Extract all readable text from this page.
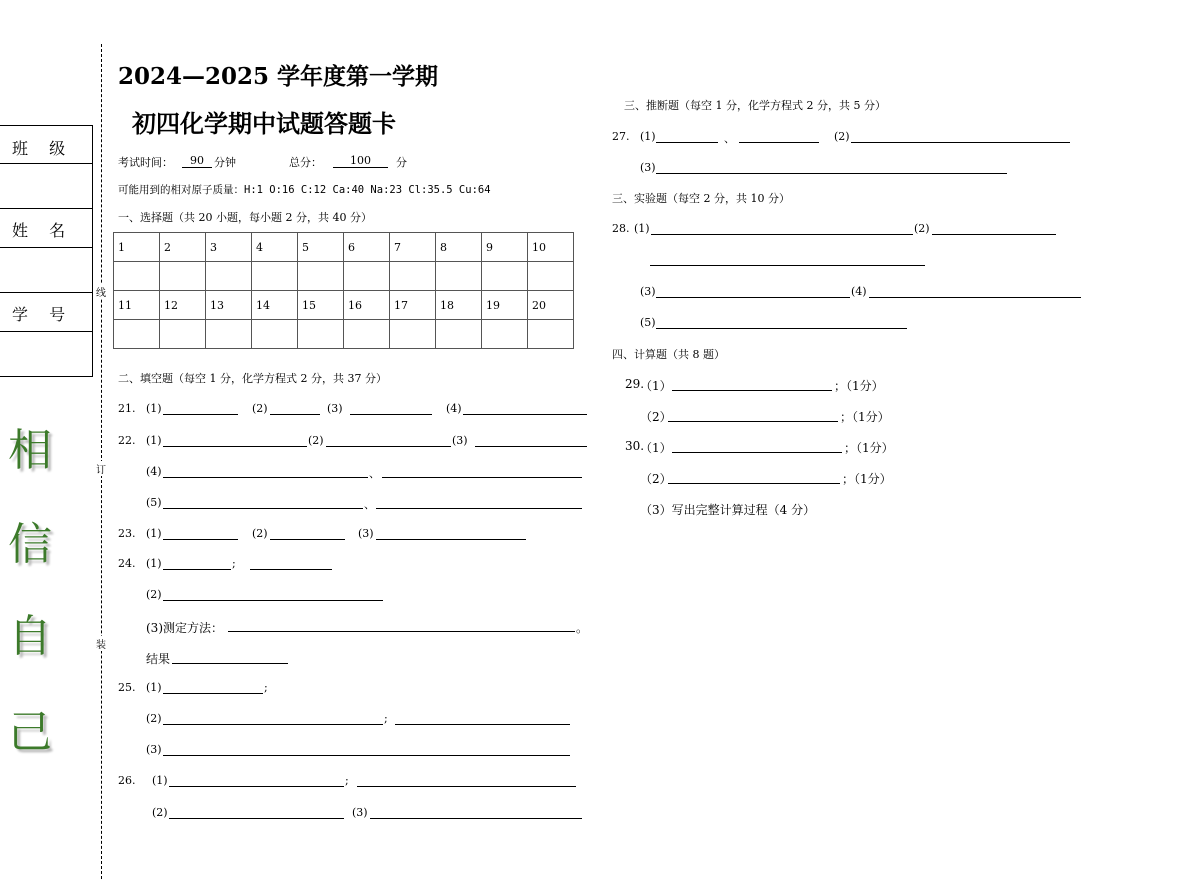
班 级
姓 名
学 号
相
信
自
己
线
订
装
2024—2025 学年度第一学期
初四化学期中试题答题卡
考试时间：	90 分钟	总分：	100	分
可能用到的相对原子质量：H:1 O:16 C:12 Ca:40 Na:23 Cl:35.5 Cu:64
一、选择题（共 20 小题，每小题 2 分，共 40 分）
1	2	3	4	5	6	7	8	9	10

11	12	13	14	15	16	17	18	19	20

二、填空题（每空 1 分，化学方程式 2 分，共 37 分）
21. (1)	(2)	(3)	(4)
22. (1)	(2)	(3)
(4)	、
(5)	、
23. (1)	(2)	(3)
24. (1)	;
(2)
(3)测定方法：	。
结果
25. (1)	;
(2)	;
(3)
26. (1)	;
(2)	(3)
三、推断题（每空 1 分，化学方程式 2 分，共 5 分）
27. (1)	、	(2)
(3)
三、实验题（每空 2 分，共 10 分）
28. (1)	(2)
(3)	(4)
(5)
四、计算题（共 8 题）
29.
（1）	；（1分）
（2）	；（1分）
30.
（1）	；（1分）
（2）	；（1分）
（3）写出完整计算过程（4 分）
